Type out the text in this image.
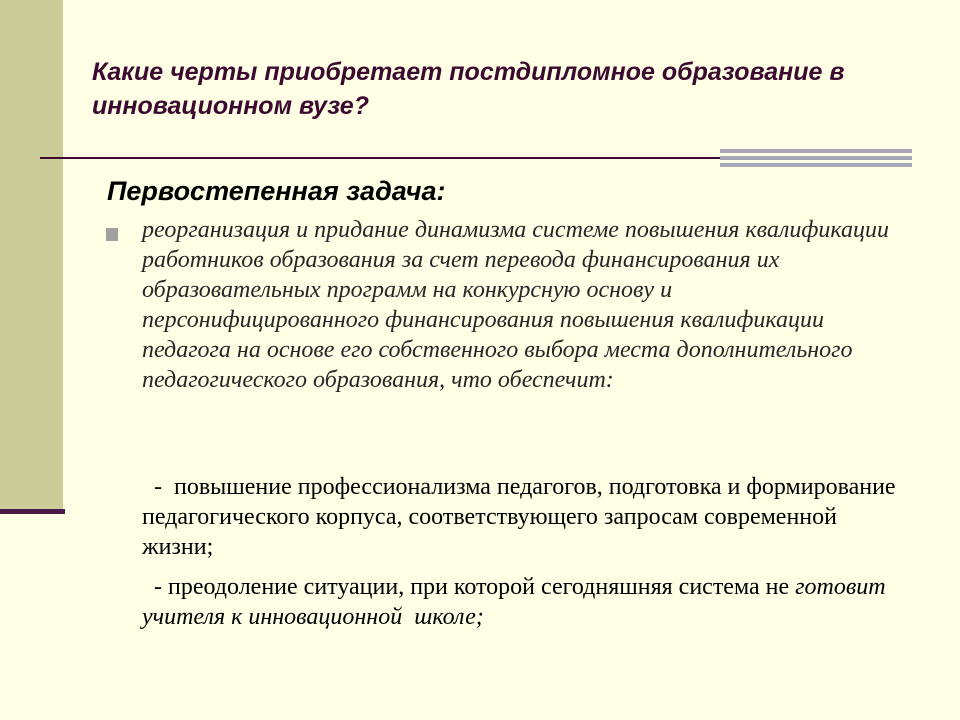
Какие черты приобретает постдипломное образование в инновационном вузе?
Первостепенная задача:

реорганизация и придание динамизма системе повышения квалификации работников образования за счет перевода финансирования их образовательных программ на конкурсную основу и персонифицированного финансирования повышения квалификации педагога на основе его собственного выбора места дополнительного педагогического образования, что обеспечит:

-  повышение профессионализма педагогов, подготовка и формирование педагогического корпуса, соответствующего запросам современной жизни;

- преодоление ситуации, при которой сегодняшняя система не готовит учителя к инновационной  школе;
